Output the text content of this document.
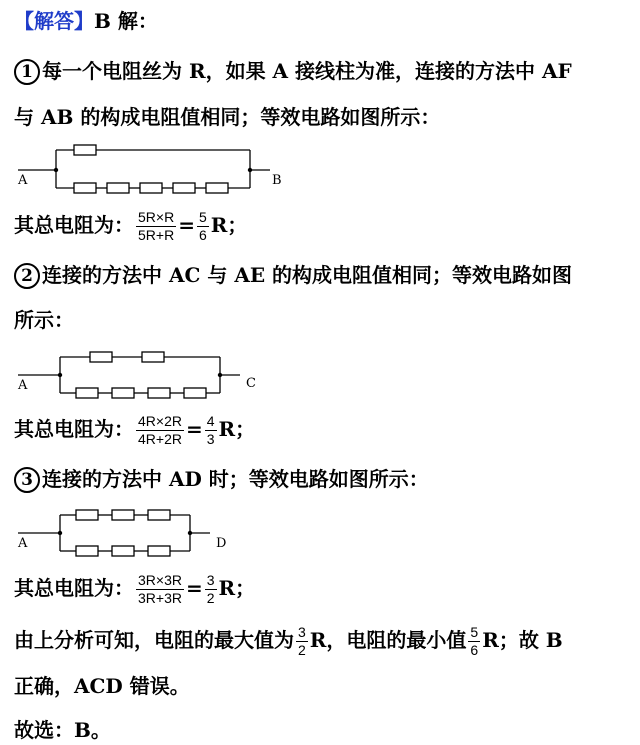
【解答】B 解：
1 每一个电阻丝为 R，如果 A 接线柱为准，连接的方法中 AF
与 AB 的构成电阻值相同；等效电路如图所示：
A	B
其总电阻为： $\frac{5R\times R}{5R+R} = \frac{5}{6}$ R；
2 连接的方法中 AC 与 AE 的构成电阻值相同；等效电路如图
所示：
A	C
其总电阻为： $\frac{4R\times 2R}{4R+2R} = \frac{4}{3}$ R；
3 连接的方法中 AD 时；等效电路如图所示：
A	D
其总电阻为： $\frac{3R\times 3R}{3R+3R} = \frac{3}{2}$ R；
由上分析可知，电阻的最大值为 $\frac{3}{2}$ R，电阻的最小值 $\frac{5}{6}$ R；故 B
正确，ACD 错误。
故选：B。
